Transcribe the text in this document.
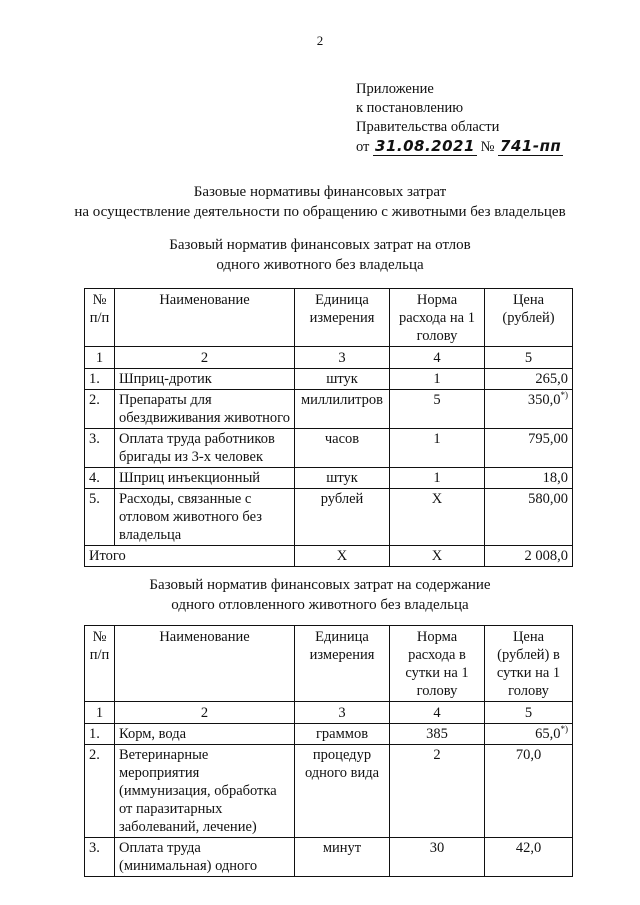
2
Приложение
к постановлению
Правительства области
от 31.08.2021 № 741-пп
Базовые нормативы финансовых затрат
на осуществление деятельности по обращению с животными без владельцев
Базовый норматив финансовых затрат на отлов
одного животного без владельца
№ п/п	Наименование	Единица измерения	Норма расхода на 1 голову	Цена (рублей)
1	2	3	4	5
1.	Шприц-дротик	штук	1	265,0
2.	Препараты для обездвиживания животного	миллилитров	5	350,0*)
3.	Оплата труда работников бригады из 3-х человек	часов	1	795,00
4.	Шприц инъекционный	штук	1	18,0
5.	Расходы, связанные с отловом животного без владельца	рублей	Х	580,00
Итого		Х	Х	2 008,0
Базовый норматив финансовых затрат на содержание
одного отловленного животного без владельца
№ п/п	Наименование	Единица измерения	Норма расхода в сутки на 1 голову	Цена (рублей) в сутки на 1 голову
1	2	3	4	5
1.	Корм, вода	граммов	385	65,0*)
2.	Ветеринарные мероприятия (иммунизация, обработка от паразитарных заболеваний, лечение)	процедур одного вида	2	70,0
3.	Оплата труда (минимальная) одного	минут	30	42,0
